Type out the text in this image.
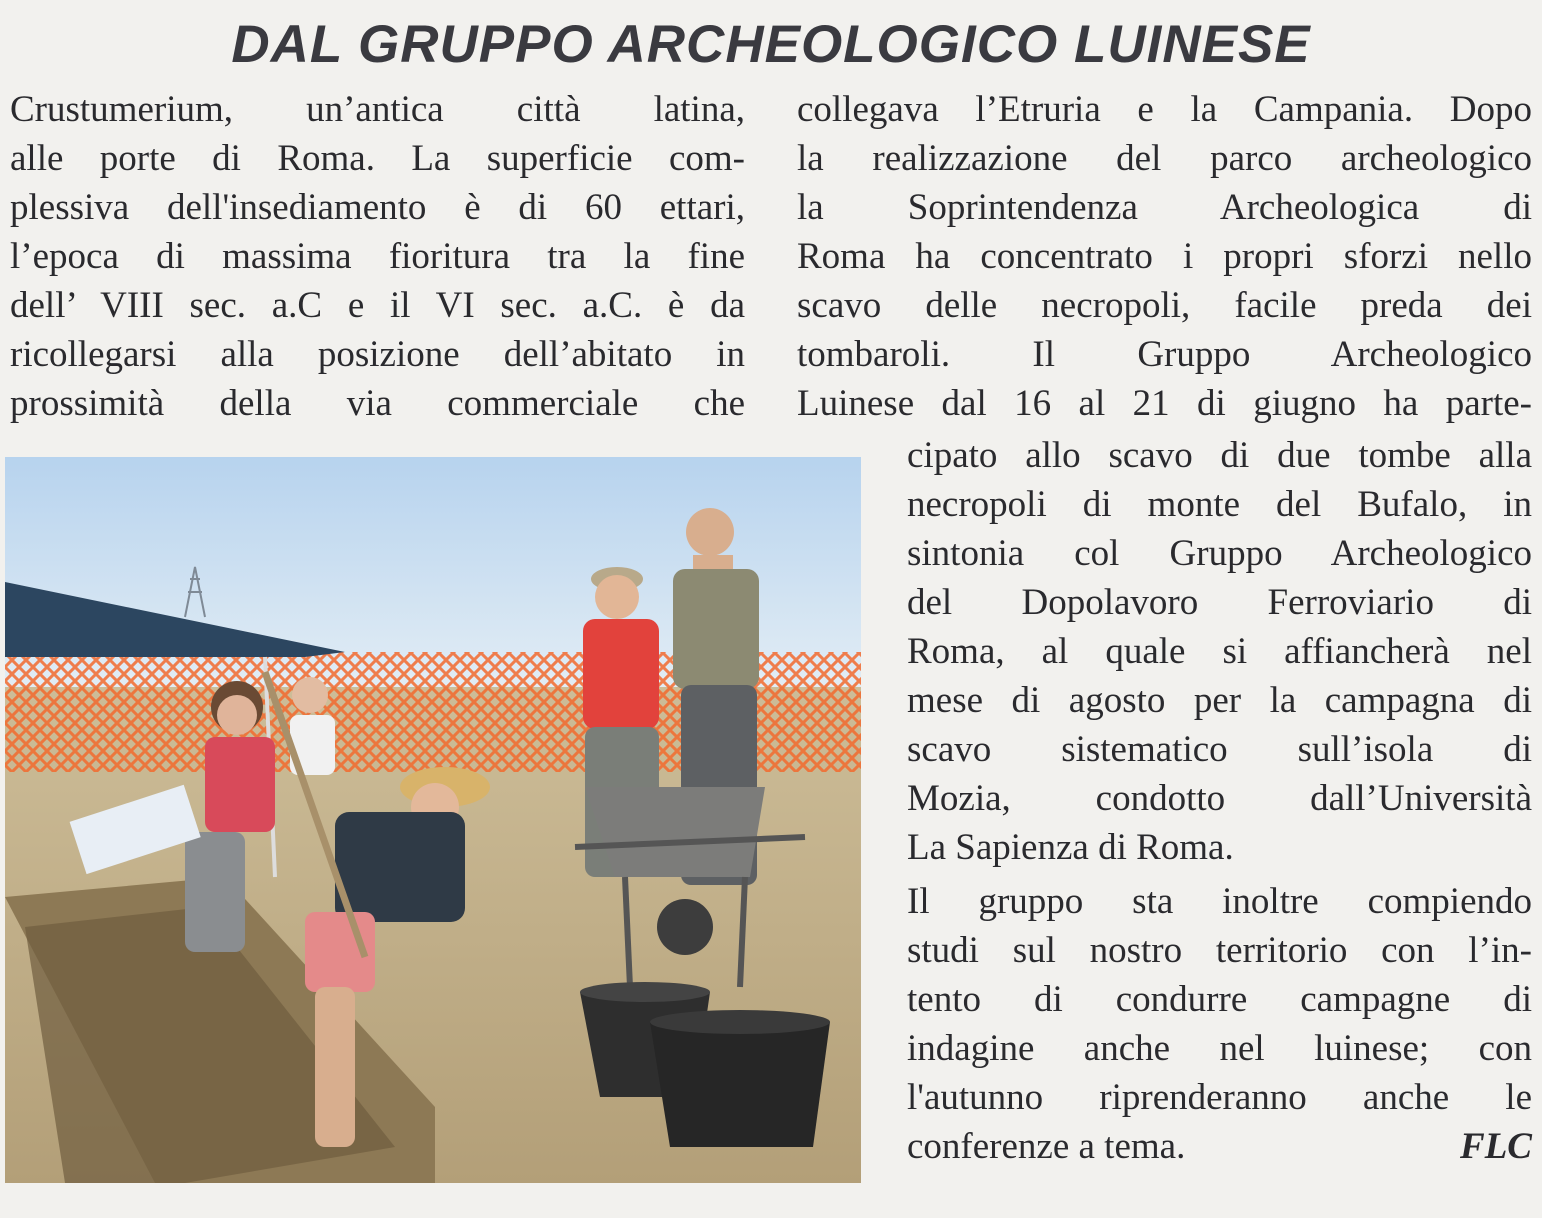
DAL GRUPPO ARCHEOLOGICO LUINESE
Crustumerium, un’antica città latina,
alle porte di Roma. La superficie com-
plessiva dell'insediamento è di 60 ettari,
l’epoca di massima fioritura tra la fine
dell’ VIII sec. a.C e il VI sec. a.C. è da
ricollegarsi alla posizione dell’abitato in
prossimità della via commerciale che
collegava l’Etruria e la Campania. Dopo
la realizzazione del parco archeologico
la Soprintendenza Archeologica di
Roma ha concentrato i propri sforzi nello
scavo delle necropoli, facile preda dei
tombaroli. Il Gruppo Archeologico
Luinese dal 16 al 21 di giugno ha parte-
cipato allo scavo di due tombe alla
necropoli di monte del Bufalo, in
sintonia col Gruppo Archeologico
del Dopolavoro Ferroviario di
Roma, al quale si affiancherà nel
mese di agosto per la campagna di
scavo sistematico sull’isola di
Mozia, condotto dall’Università
La Sapienza di Roma.
Il gruppo sta inoltre compiendo
studi sul nostro territorio con l’in-
tento di condurre campagne di
indagine anche nel luinese; con
l'autunno riprenderanno anche le
conferenze a tema.	FLC
